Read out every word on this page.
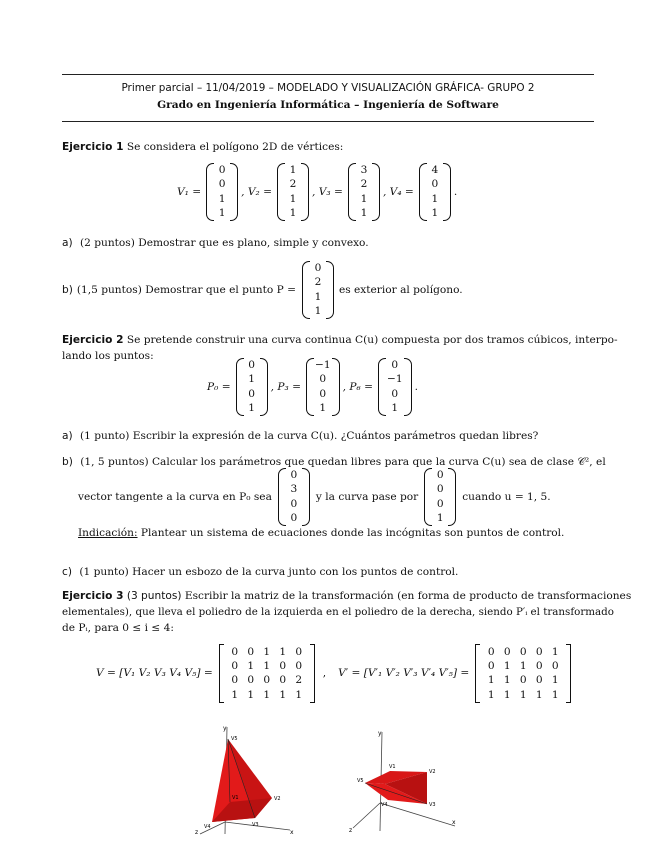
Primer parcial – 11/04/2019 – MODELADO Y VISUALIZACIÓN GRÁFICA- GRUPO 2
Grado en Ingeniería Informática – Ingeniería de Software
Ejercicio 1 Se considera el polígono 2D de vértices:
V₁ =
0
0
1
1
, V₂ =
1
2
1
1
, V₃ =
3
2
1
1
, V₄ =
4
0
1
1
.
a) (2 puntos) Demostrar que es plano, simple y convexo.
b) (1,5 puntos) Demostrar que el punto P =
0
2
1
1
es exterior al polígono.
Ejercicio 2 Se pretende construir una curva continua C(u) compuesta por dos tramos cúbicos, interpo-
lando los puntos:
P₀ =
0
1
0
1
, P₃ =
−1
0
0
1
, P₆ =
0
−1
0
1
.
a) (1 punto) Escribir la expresión de la curva C(u). ¿Cuántos parámetros quedan libres?
b) (1, 5 puntos) Calcular los parámetros que quedan libres para que la curva C(u) sea de clase 𝒞², el
vector tangente a la curva en P₀ sea
0
3
0
0
y la curva pase por
0
0
0
1
cuando u = 1, 5.
Indicación: Plantear un sistema de ecuaciones donde las incógnitas son puntos de control.
c) (1 punto) Hacer un esbozo de la curva junto con los puntos de control.
Ejercicio 3 (3 puntos) Escribir la matriz de la transformación (en forma de producto de transformaciones
elementales), que lleva el poliedro de la izquierda en el poliedro de la derecha, siendo P′ᵢ el transformado
de Pᵢ, para 0 ≤ i ≤ 4:
V = [V₁ V₂ V₃ V₄ V₅] =
0 0 1 1 0
0 1 1 0 0
0 0 0 0 2
1 1 1 1 1
, V′ = [V′₁ V′₂ V′₃ V′₄ V′₅] =
0 0 0 0 1
0 1 1 0 0
1 1 0 0 1
1 1 1 1 1
y
V5
V1	V2
V3
V4
x
z
y
V5
V1
V2
V3
V4
x
z
